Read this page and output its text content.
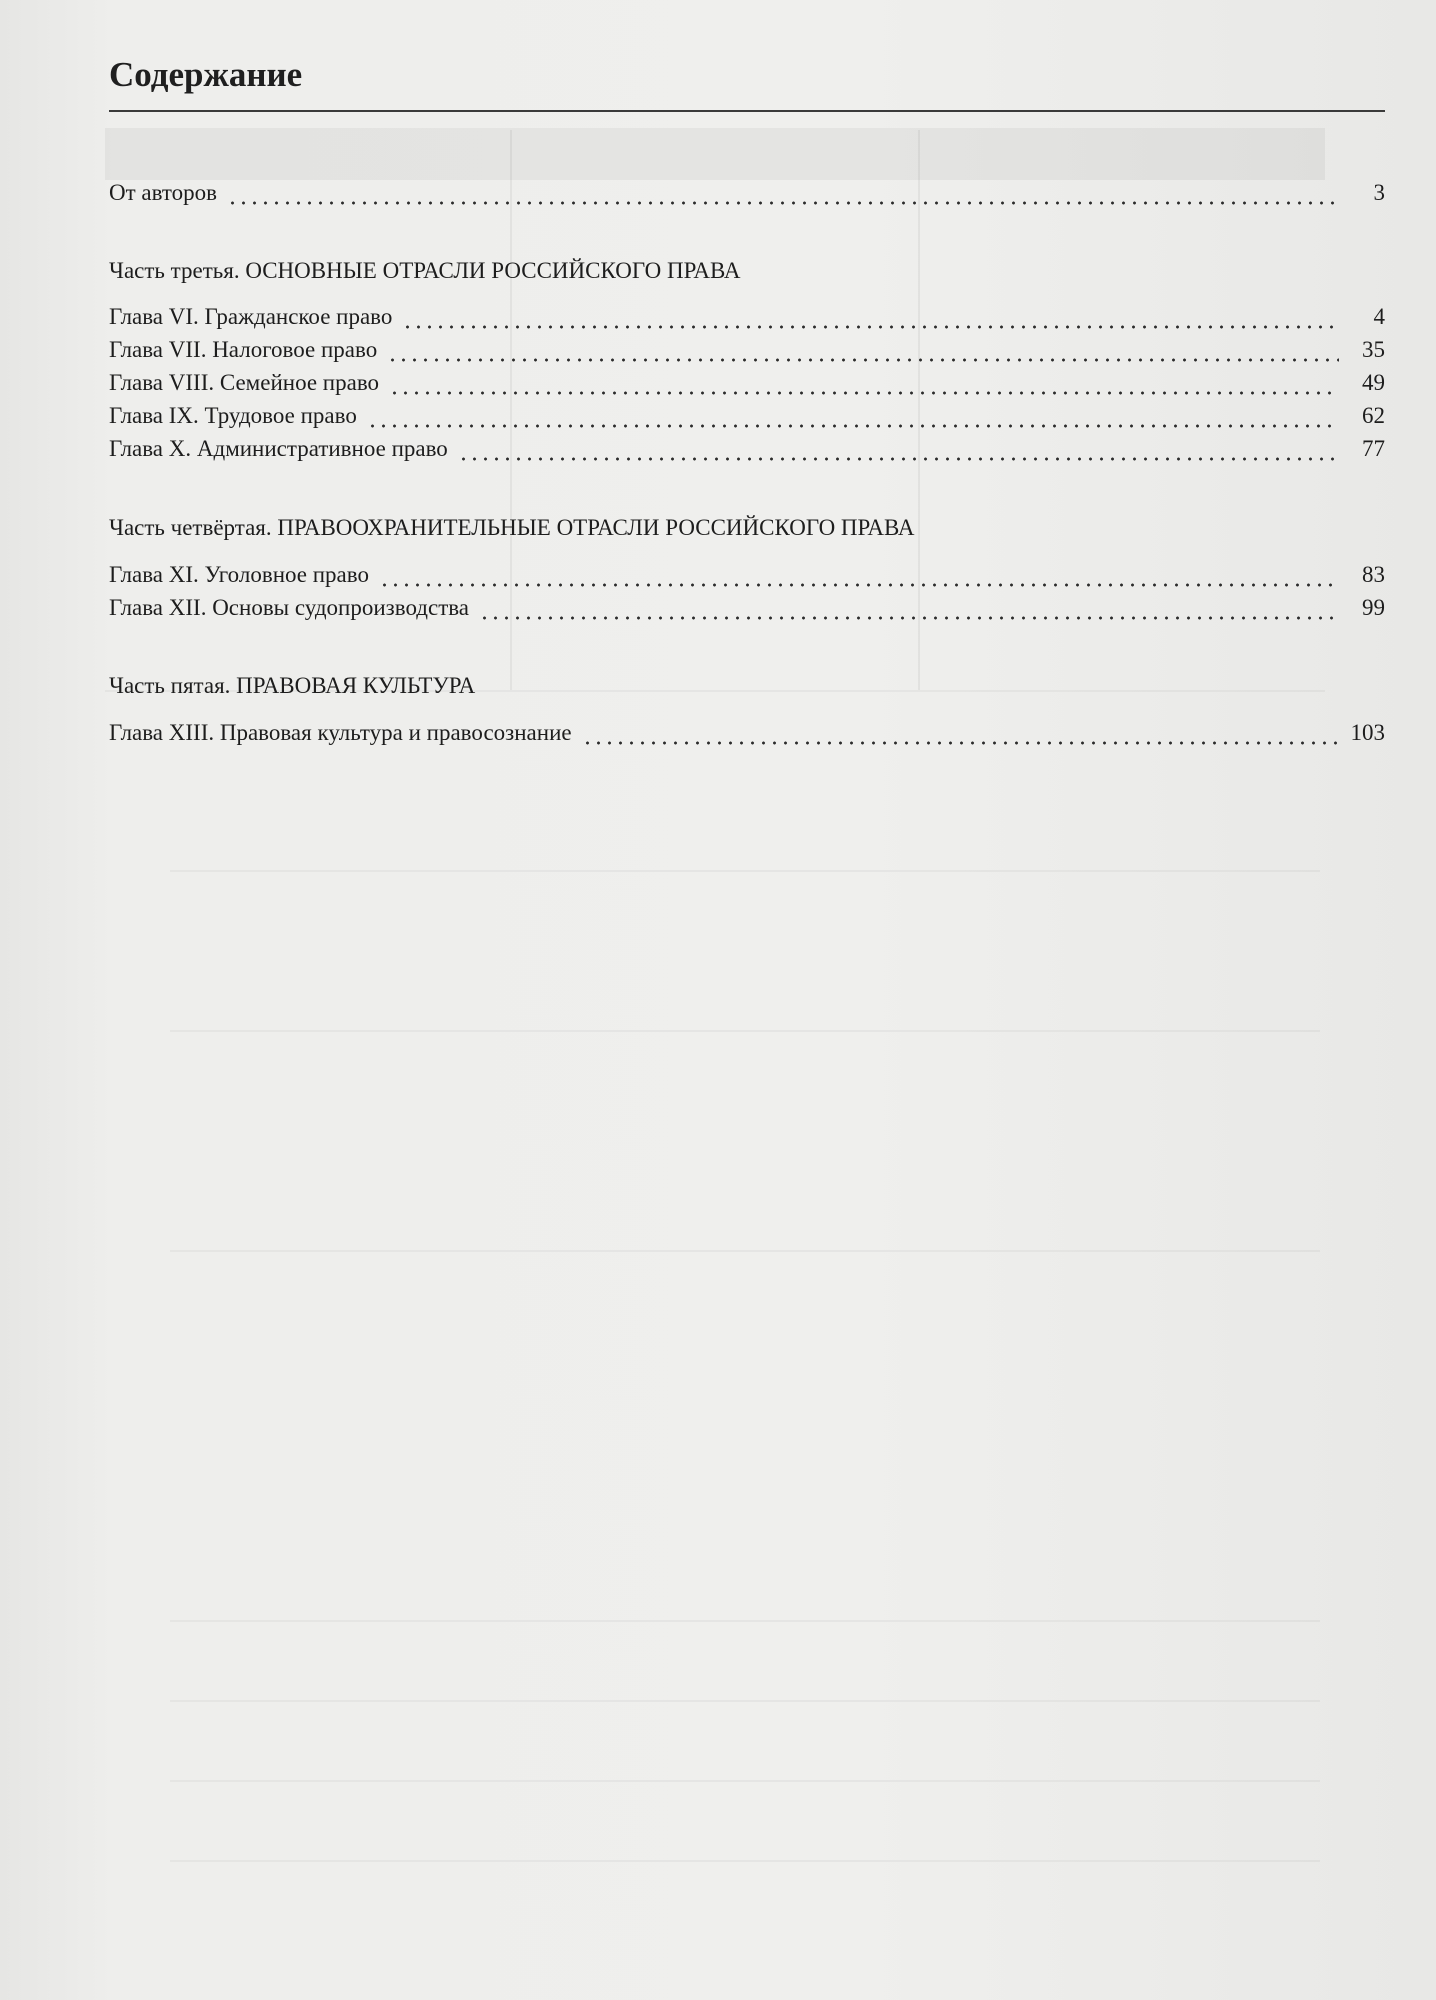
Содержание
От авторов	3
Часть третья. ОСНОВНЫЕ ОТРАСЛИ РОССИЙСКОГО ПРАВА
Глава VI. Гражданское право	4
Глава VII. Налоговое право	35
Глава VIII. Семейное право	49
Глава IX. Трудовое право	62
Глава X. Административное право	77
Часть четвёртая. ПРАВООХРАНИТЕЛЬНЫЕ ОТРАСЛИ РОССИЙСКОГО ПРАВА
Глава XI. Уголовное право	83
Глава XII. Основы судопроизводства	99
Часть пятая. ПРАВОВАЯ КУЛЬТУРА
Глава XIII. Правовая культура и правосознание	103
